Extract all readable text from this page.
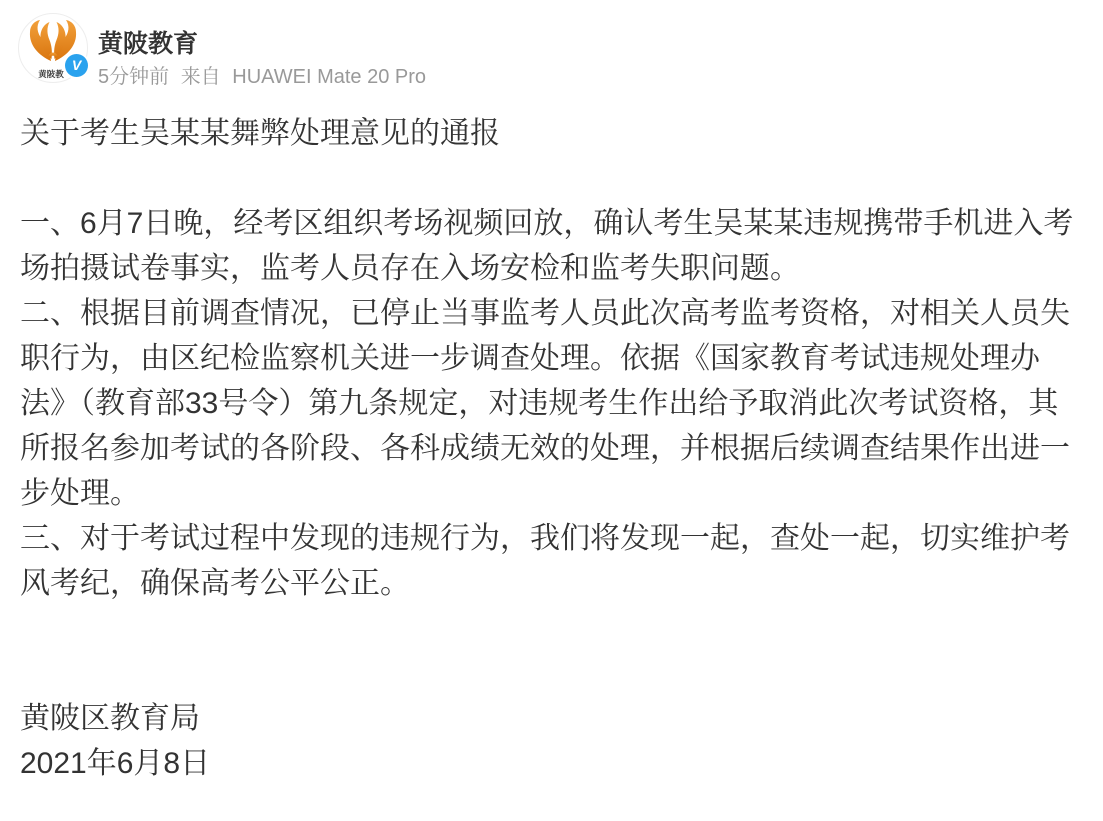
黄陂教
V
黄陂教育
5分钟前 来自 HUAWEI Mate 20 Pro

关于考生吴某某舞弊处理意见的通报

一、6月7日晚，经考区组织考场视频回放，确认考生吴某某违规携带手机进入考场拍摄试卷事实，监考人员存在入场安检和监考失职问题。

二、根据目前调查情况，已停止当事监考人员此次高考监考资格，对相关人员失职行为，由区纪检监察机关进一步调查处理。依据《国家教育考试违规处理办法》（教育部33号令）第九条规定，对违规考生作出给予取消此次考试资格，其所报名参加考试的各阶段、各科成绩无效的处理，并根据后续调查结果作出进一步处理。

三、对于考试过程中发现的违规行为，我们将发现一起，查处一起，切实维护考风考纪，确保高考公平公正。

黄陂区教育局

2021年6月8日
